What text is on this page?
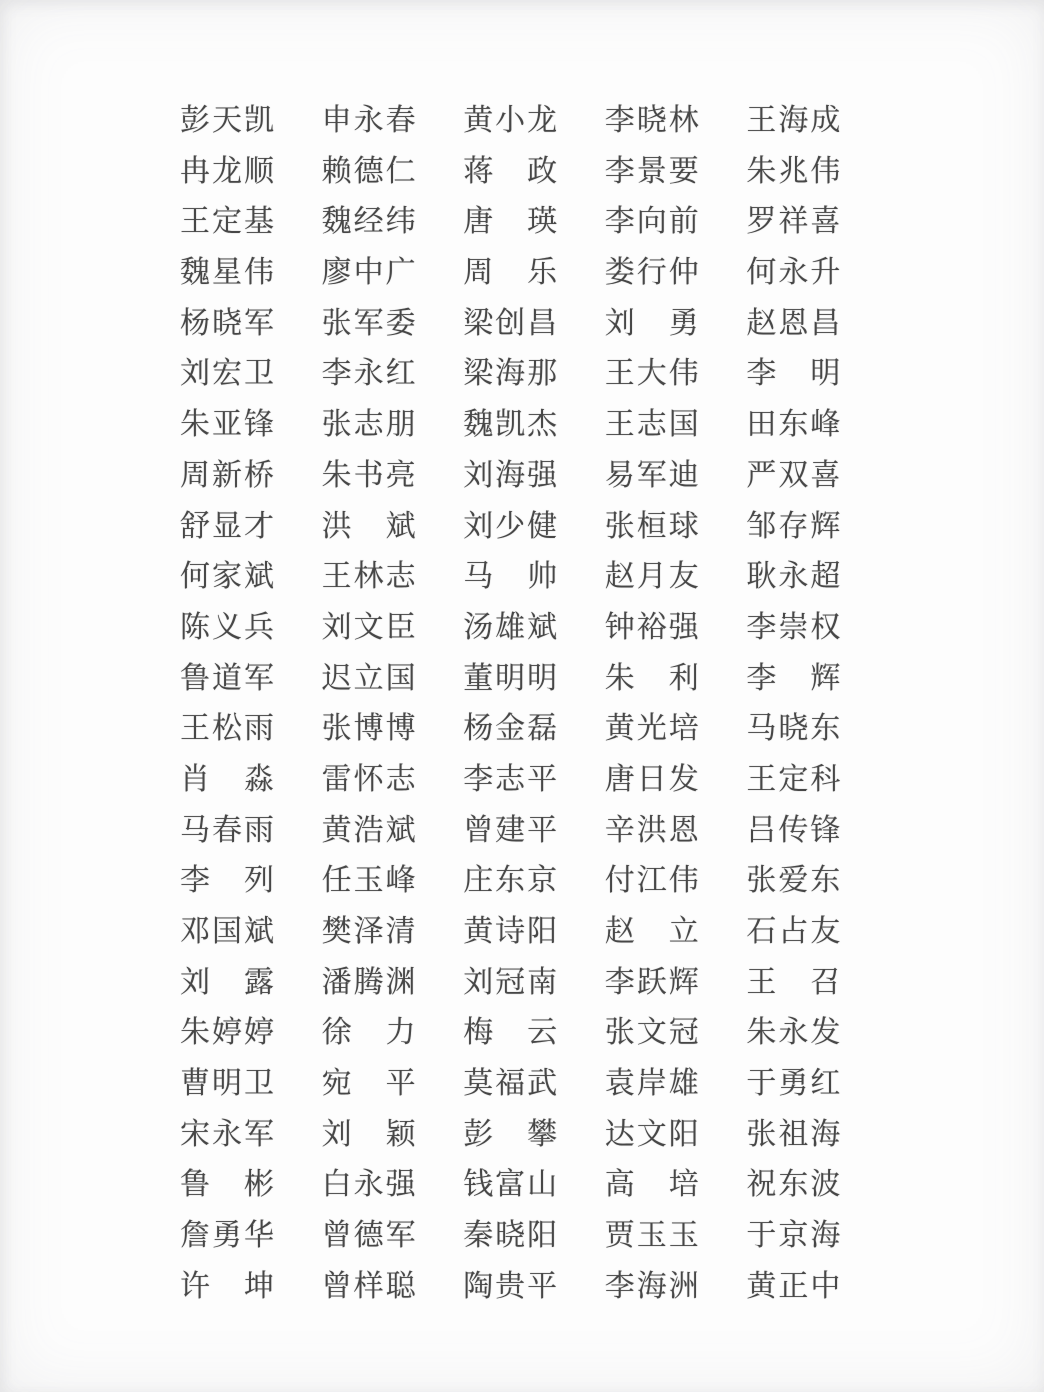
彭天凯	申永春	黄小龙	李晓林	王海成
冉龙顺	赖德仁	蒋　政	李景要	朱兆伟
王定基	魏经纬	唐　瑛	李向前	罗祥喜
魏星伟	廖中广	周　乐	娄行仲	何永升
杨晓军	张军委	梁创昌	刘　勇	赵恩昌
刘宏卫	李永红	梁海那	王大伟	李　明
朱亚锋	张志朋	魏凯杰	王志国	田东峰
周新桥	朱书亮	刘海强	易军迪	严双喜
舒显才	洪　斌	刘少健	张桓球	邹存辉
何家斌	王林志	马　帅	赵月友	耿永超
陈义兵	刘文臣	汤雄斌	钟裕强	李崇权
鲁道军	迟立国	董明明	朱　利	李　辉
王松雨	张博博	杨金磊	黄光培	马晓东
肖　淼	雷怀志	李志平	唐日发	王定科
马春雨	黄浩斌	曾建平	辛洪恩	吕传锋
李　列	任玉峰	庄东京	付江伟	张爱东
邓国斌	樊泽清	黄诗阳	赵　立	石占友
刘　露	潘腾渊	刘冠南	李跃辉	王　召
朱婷婷	徐　力	梅　云	张文冠	朱永发
曹明卫	宛　平	莫福武	袁岸雄	于勇红
宋永军	刘　颖	彭　攀	达文阳	张祖海
鲁　彬	白永强	钱富山	高　培	祝东波
詹勇华	曾德军	秦晓阳	贾玉玉	于京海
许　坤	曾样聪	陶贵平	李海洲	黄正中
